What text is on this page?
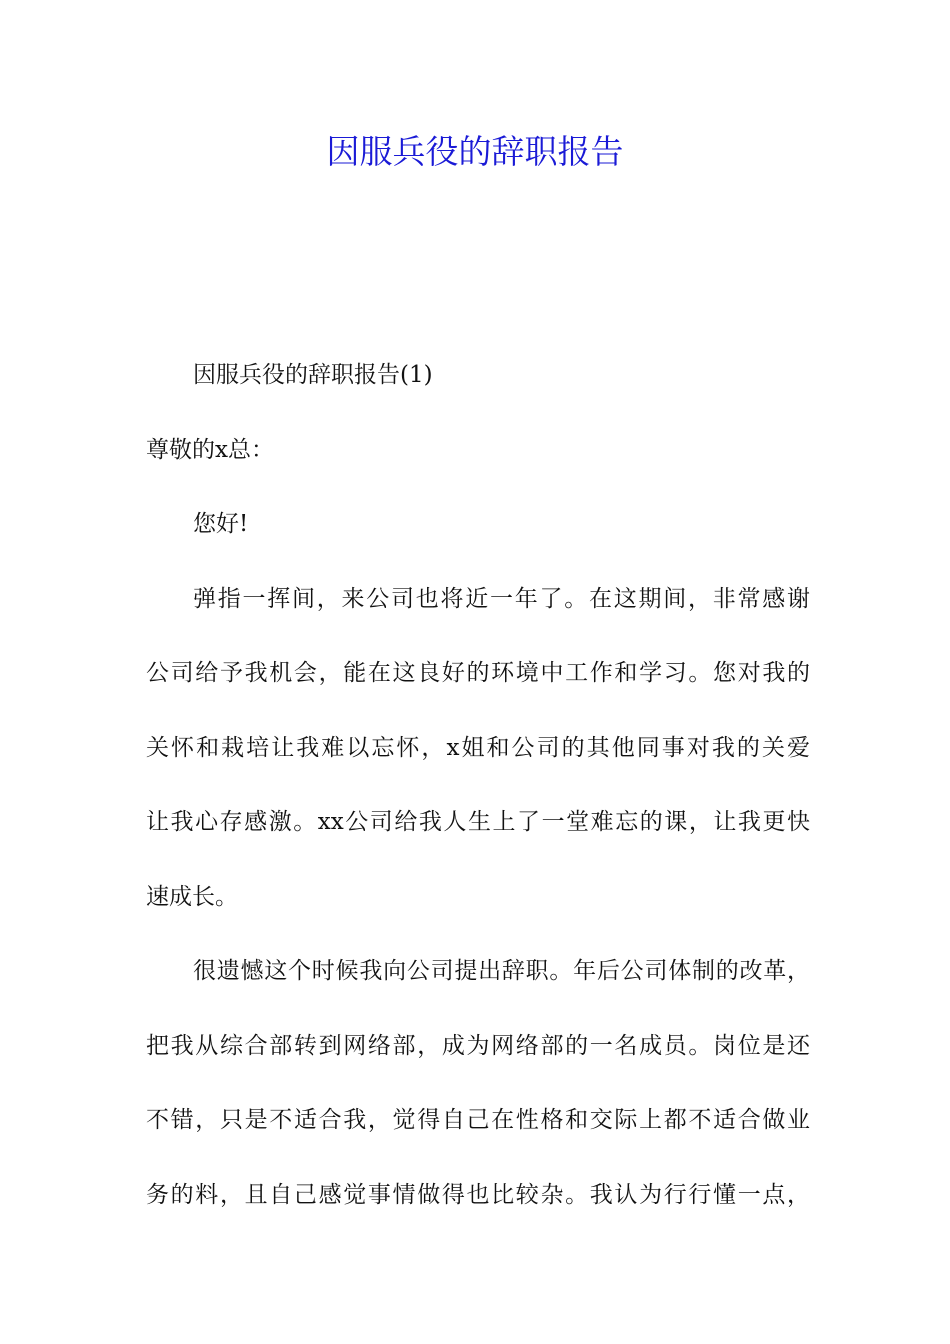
因服兵役的辞职报告
因服兵役的辞职报告(1)
尊敬的x总：
您好!
弹指一挥间，来公司也将近一年了。在这期间，非常感谢
公司给予我机会，能在这良好的环境中工作和学习。您对我的
关怀和栽培让我难以忘怀，x姐和公司的其他同事对我的关爱
让我心存感激。xx公司给我人生上了一堂难忘的课，让我更快
速成长。
很遗憾这个时候我向公司提出辞职。年后公司体制的改革，
把我从综合部转到网络部，成为网络部的一名成员。岗位是还
不错，只是不适合我，觉得自己在性格和交际上都不适合做业
务的料，且自己感觉事情做得也比较杂。我认为行行懂一点，
